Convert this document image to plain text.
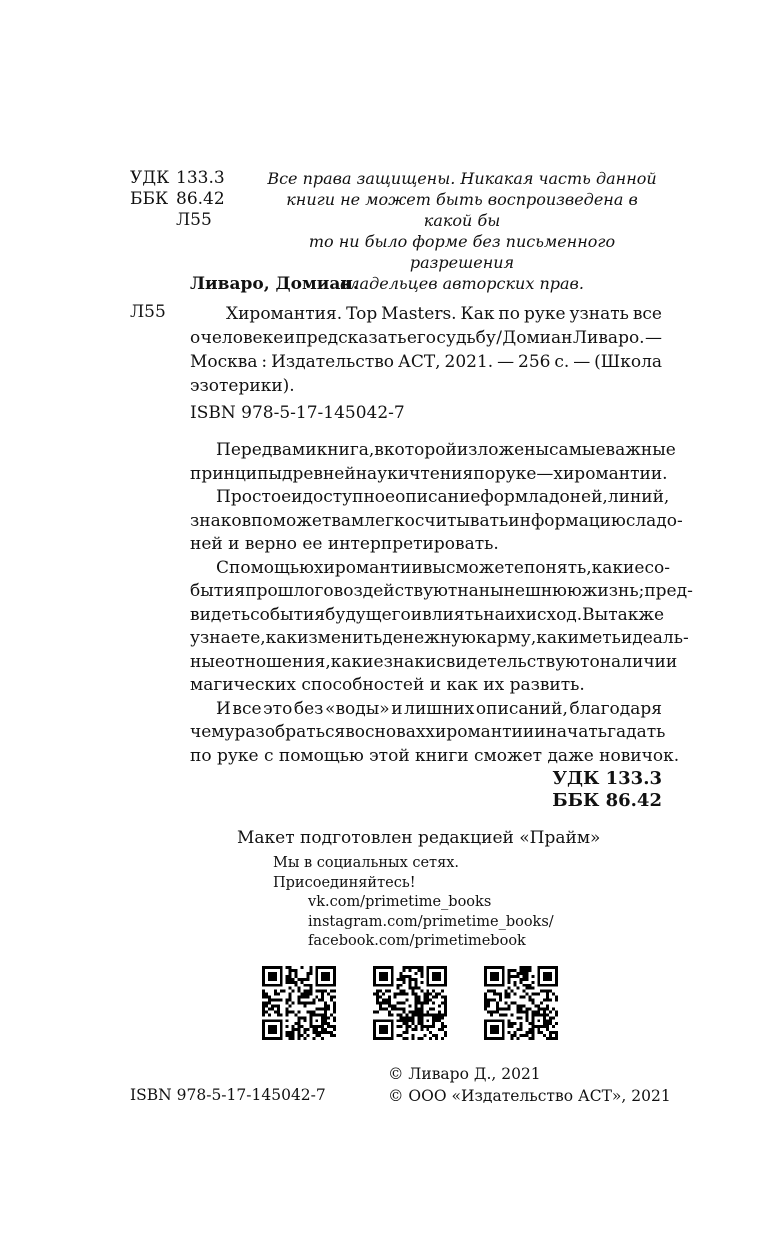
УДК 133.3
ББК 86.42
Л55
Все права защищены. Никакая часть данной
книги не может быть воспроизведена в какой бы
то ни было форме без письменного разрешения
владельцев авторских прав.
Ливаро, Домиан.
Л55	Хиромантия. Top Masters. Как по руке узнать все
о человеке и предсказать его судьбу / Домиан Ливаро. —
Москва : Издательство АСТ, 2021. — 256 с. — (Школа
эзотерики).
ISBN 978-5-17-145042-7
Перед вами книга, в которой изложены самые важные
принципы древней науки чтения по руке — хиромантии.
Простое и доступное описание форм ладоней, линий,
знаков поможет вам легко считывать информацию с ладо-
ней и верно ее интерпретировать.
С помощью хиромантии вы сможете понять, какие со-
бытия прошлого воздействуют на нынешнюю жизнь; пред-
видеть события будущего и влиять на их исход. Вы также
узнаете, как изменить денежную карму, как иметь идеаль-
ные отношения, какие знаки свидетельствуют о наличии
магических способностей и как их развить.
И все это без «воды» и лишних описаний, благодаря
чему разобраться в основах хиромантии и начать гадать
по руке с помощью этой книги сможет даже новичок.
УДК 133.3
ББК 86.42
Макет подготовлен редакцией «Прайм»
Мы в социальных сетях.
Присоединяйтесь!
vk.com/primetime_books
instagram.com/primetime_books/
facebook.com/primetimebook
ISBN 978-5-17-145042-7
© Ливаро Д., 2021
© ООО «Издательство АСТ», 2021
